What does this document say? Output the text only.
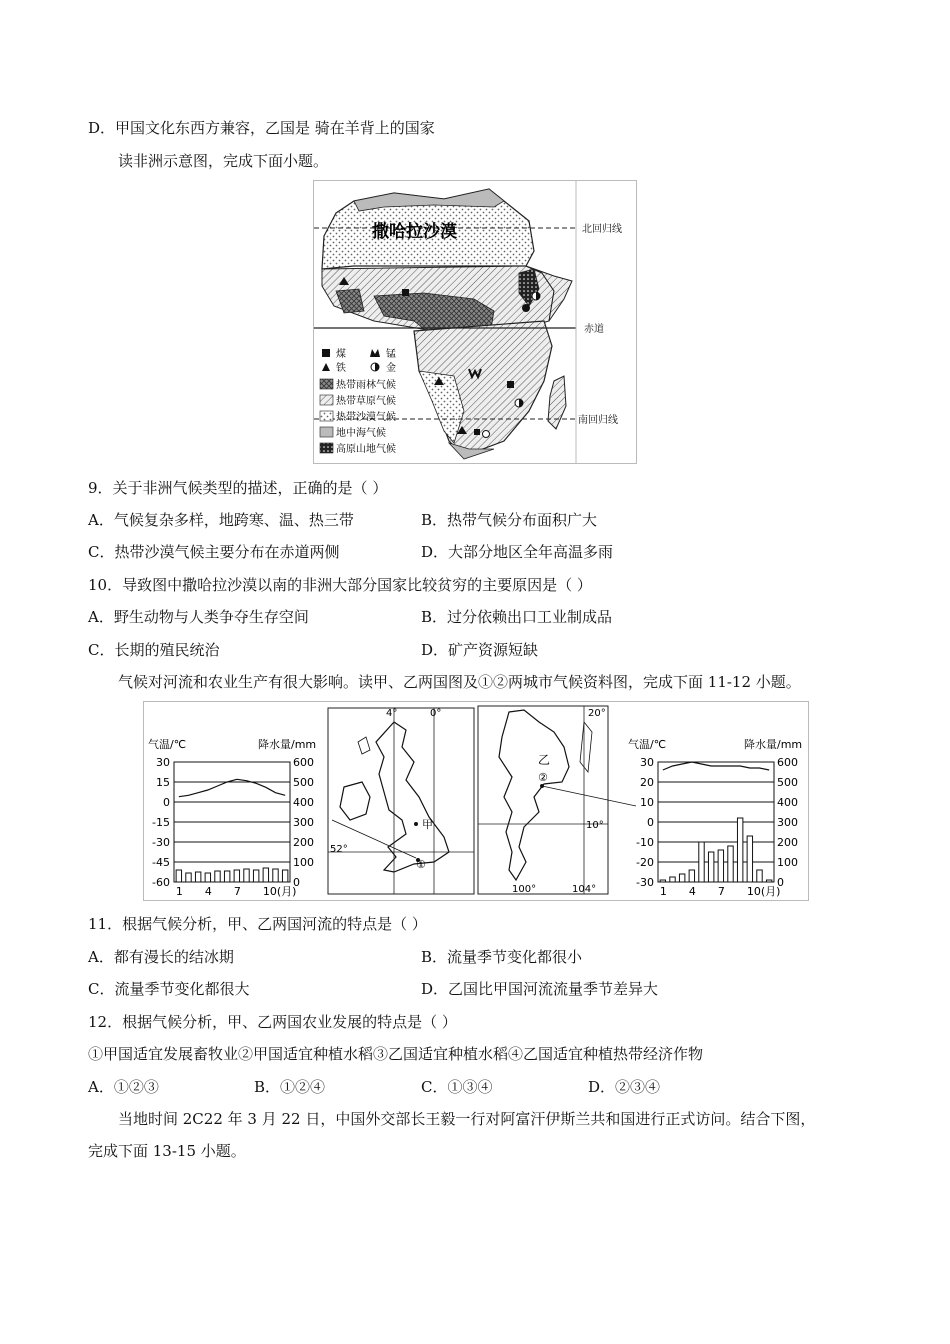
D．甲国文化东西方兼容，乙国是 骑在羊背上的国家
读非洲示意图，完成下面小题。
北回归线
赤道
南回归线
撒哈拉沙漠
煤	锰
铁	金
热带雨林气候
热带草原气候
热带沙漠气候
地中海气候
高原山地气候
9．关于非洲气候类型的描述，正确的是（ ）
A．气候复杂多样，地跨寒、温、热三带	B．热带气候分布面积广大
C．热带沙漠气候主要分布在赤道两侧	D．大部分地区全年高温多雨
10．导致图中撒哈拉沙漠以南的非洲大部分国家比较贫穷的主要原因是（ ）
A．野生动物与人类争夺生存空间	B．过分依赖出口工业制成品
C．长期的殖民统治	D．矿产资源短缺
气候对河流和农业生产有很大影响。读甲、乙两国图及①②两城市气候资料图，完成下面 11-12 小题。
气温/℃	降水量/mm
30
15
0
-15
-30
-45
-60
600
500
400
300
200
100
0
1 4 7 10(月)
4°	0°
52°
甲
①
20°
10°
100°	104°
乙
②
气温/℃	降水量/mm
30
20
10
0
-10
-20
-30
600
500
400
300
200
100
0
1 4 7 10(月)
11．根据气候分析，甲、乙两国河流的特点是（ ）
A．都有漫长的结冰期	B．流量季节变化都很小
C．流量季节变化都很大	D．乙国比甲国河流流量季节差异大
12．根据气候分析，甲、乙两国农业发展的特点是（ ）
①甲国适宜发展畜牧业②甲国适宜种植水稻③乙国适宜种植水稻④乙国适宜种植热带经济作物
A．①②③	B．①②④	C．①③④	D．②③④
当地时间 2C22 年 3 月 22 日，中国外交部长王毅一行对阿富汗伊斯兰共和国进行正式访问。结合下图，
完成下面 13-15 小题。
